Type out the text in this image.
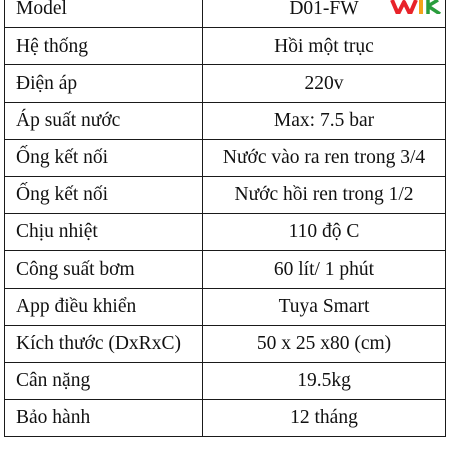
Model	D01-FW
Hệ thống	Hồi một trục
Điện áp	220v
Áp suất nước	Max: 7.5 bar
Ống kết nối	Nước vào ra ren trong 3/4
Ống kết nối	Nước hồi ren trong 1/2
Chịu nhiệt	110 độ C
Công suất bơm	60 lít/ 1 phút
App điều khiển	Tuya Smart
Kích thước (DxRxC)	50 x 25 x80 (cm)
Cân nặng	19.5kg
Bảo hành	12 tháng
